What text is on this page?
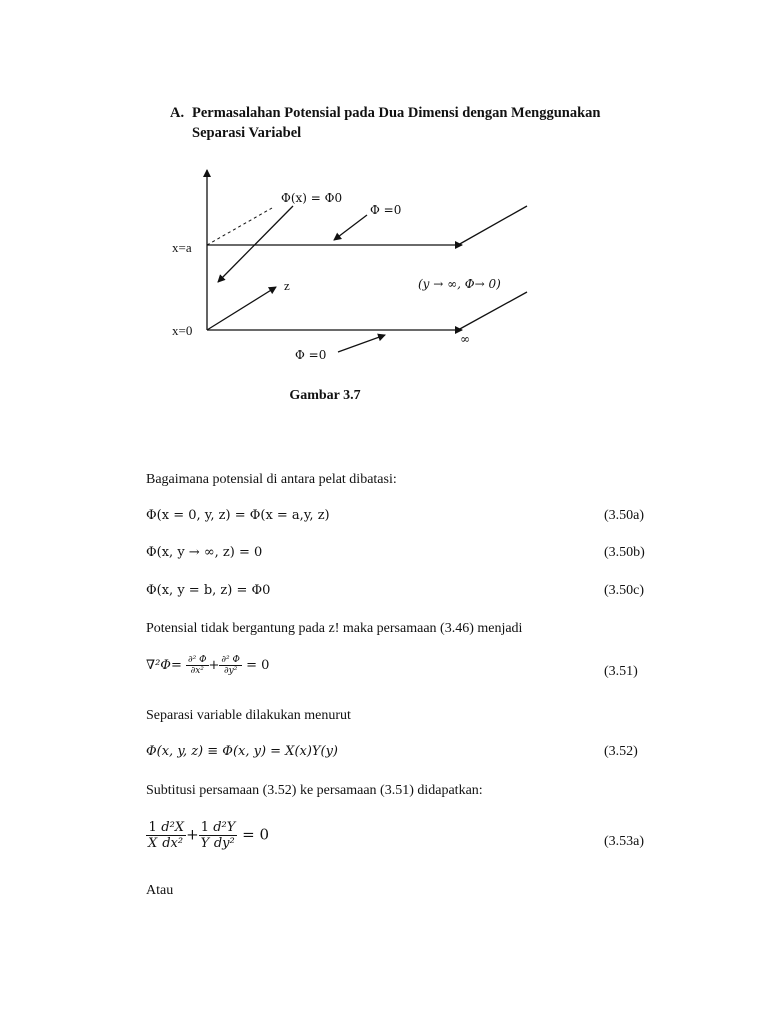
A. Permasalahan Potensial pada Dua Dimensi dengan Menggunakan
Separasi Variabel
x=a
x=0
z
Φ(x) = Φ0
Φ =0
Φ =0
(y → ∞, Φ→ 0)
∞
Gambar 3.7
Bagaimana potensial di antara pelat dibatasi:
Φ(x = 0, y, z) = Φ(x = a,y, z)	(3.50a)
Φ(x, y → ∞, z) = 0	(3.50b)
Φ(x, y = b, z) = Φ0	(3.50c)
Potensial tidak bergantung pada z! maka persamaan (3.46) menjadi
$\nabla^2\Phi= \frac{\text{∂² Φ}}{\text{∂x²}} + \frac{\text{∂² Φ}}{\text{∂y²}} = 0$	(3.51)
Separasi variable dilakukan menurut
Φ(x, y, z) ≡ Φ(x, y) = X(x)Y(y)	(3.52)
Subtitusi persamaan (3.52) ke persamaan (3.51) didapatkan:
$\frac{1}{X} \frac{\text{d²X}}{\text{dx²}} + \frac{1}{Y} \frac{\text{d²Y}}{\text{dy²}} = 0$	(3.53a)
Atau
